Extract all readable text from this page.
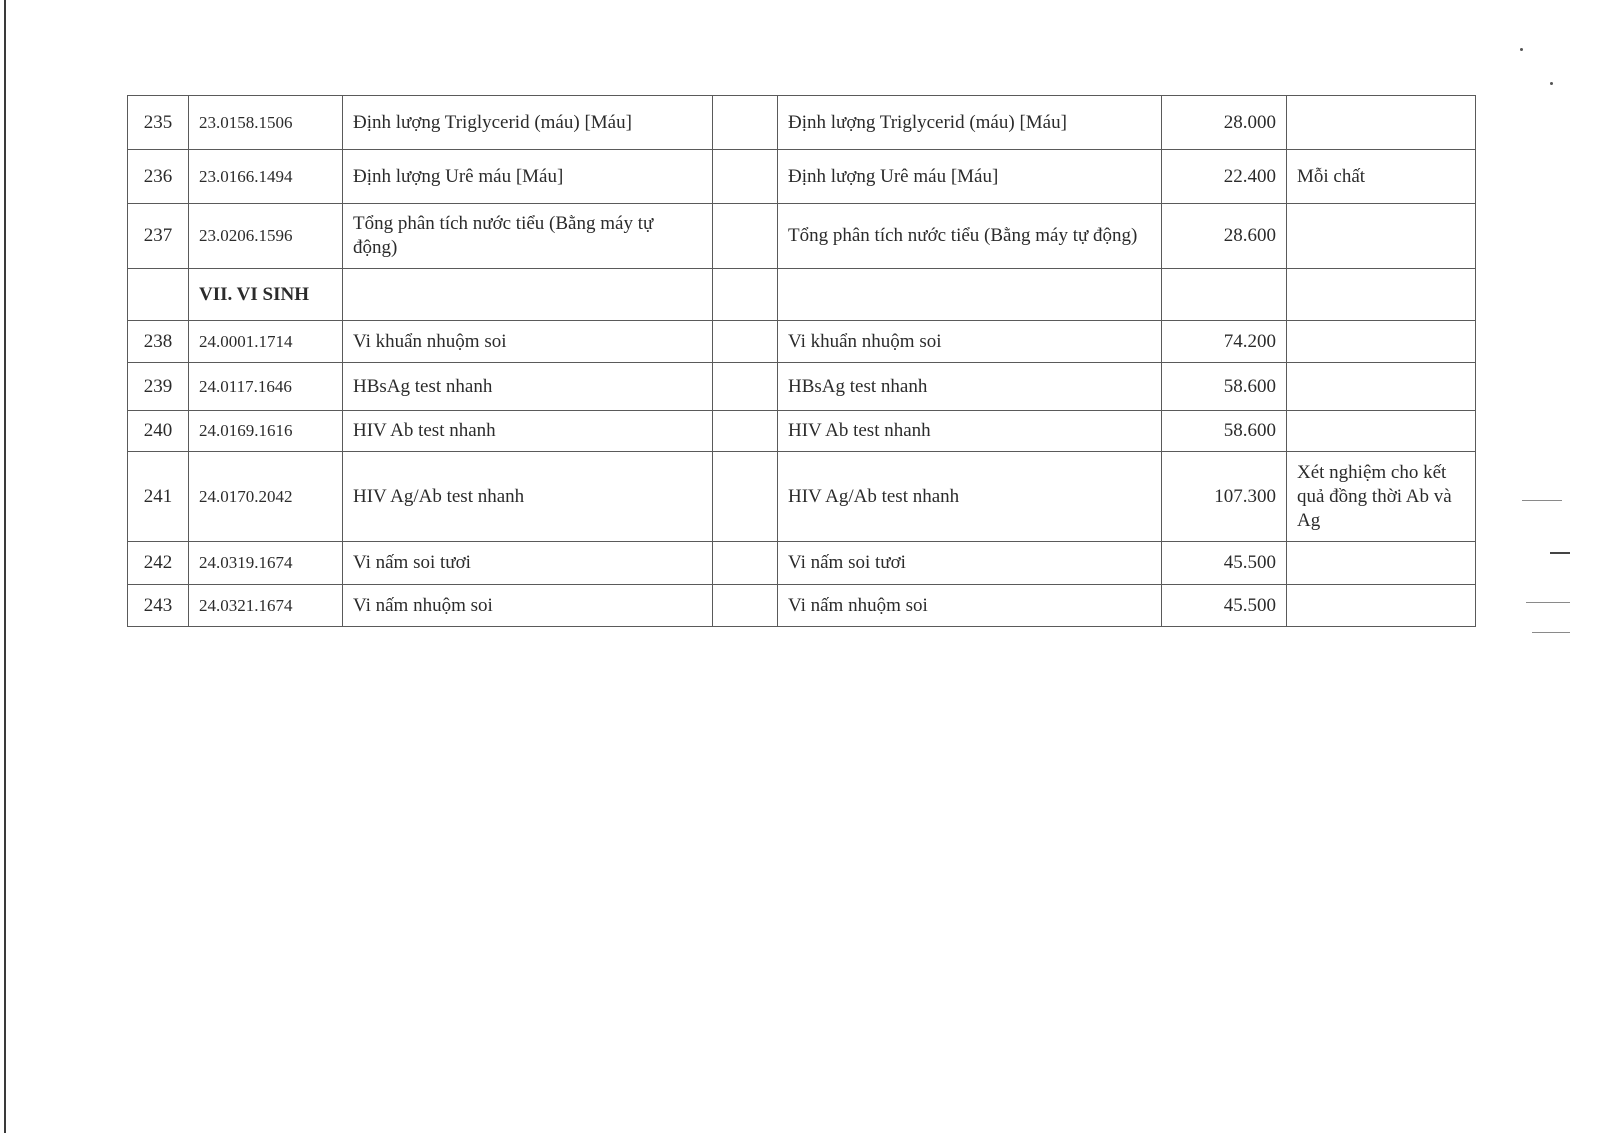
235	23.0158.1506	Định lượng Triglycerid (máu) [Máu]		Định lượng Triglycerid (máu) [Máu]	28.000	
236	23.0166.1494	Định lượng Urê máu [Máu]		Định lượng Urê máu [Máu]	22.400	Mỗi chất
237	23.0206.1596	Tổng phân tích nước tiểu (Bằng máy tự động)		Tổng phân tích nước tiểu (Bằng máy tự động)	28.600	
	VII. VI SINH					
238	24.0001.1714	Vi khuẩn nhuộm soi		Vi khuẩn nhuộm soi	74.200	
239	24.0117.1646	HBsAg test nhanh		HBsAg test nhanh	58.600	
240	24.0169.1616	HIV Ab test nhanh		HIV Ab test nhanh	58.600	
241	24.0170.2042	HIV Ag/Ab test nhanh		HIV Ag/Ab test nhanh	107.300	Xét nghiệm cho kết quả đồng thời Ab và Ag
242	24.0319.1674	Vi nấm soi tươi		Vi nấm soi tươi	45.500	
243	24.0321.1674	Vi nấm nhuộm soi		Vi nấm nhuộm soi	45.500	
